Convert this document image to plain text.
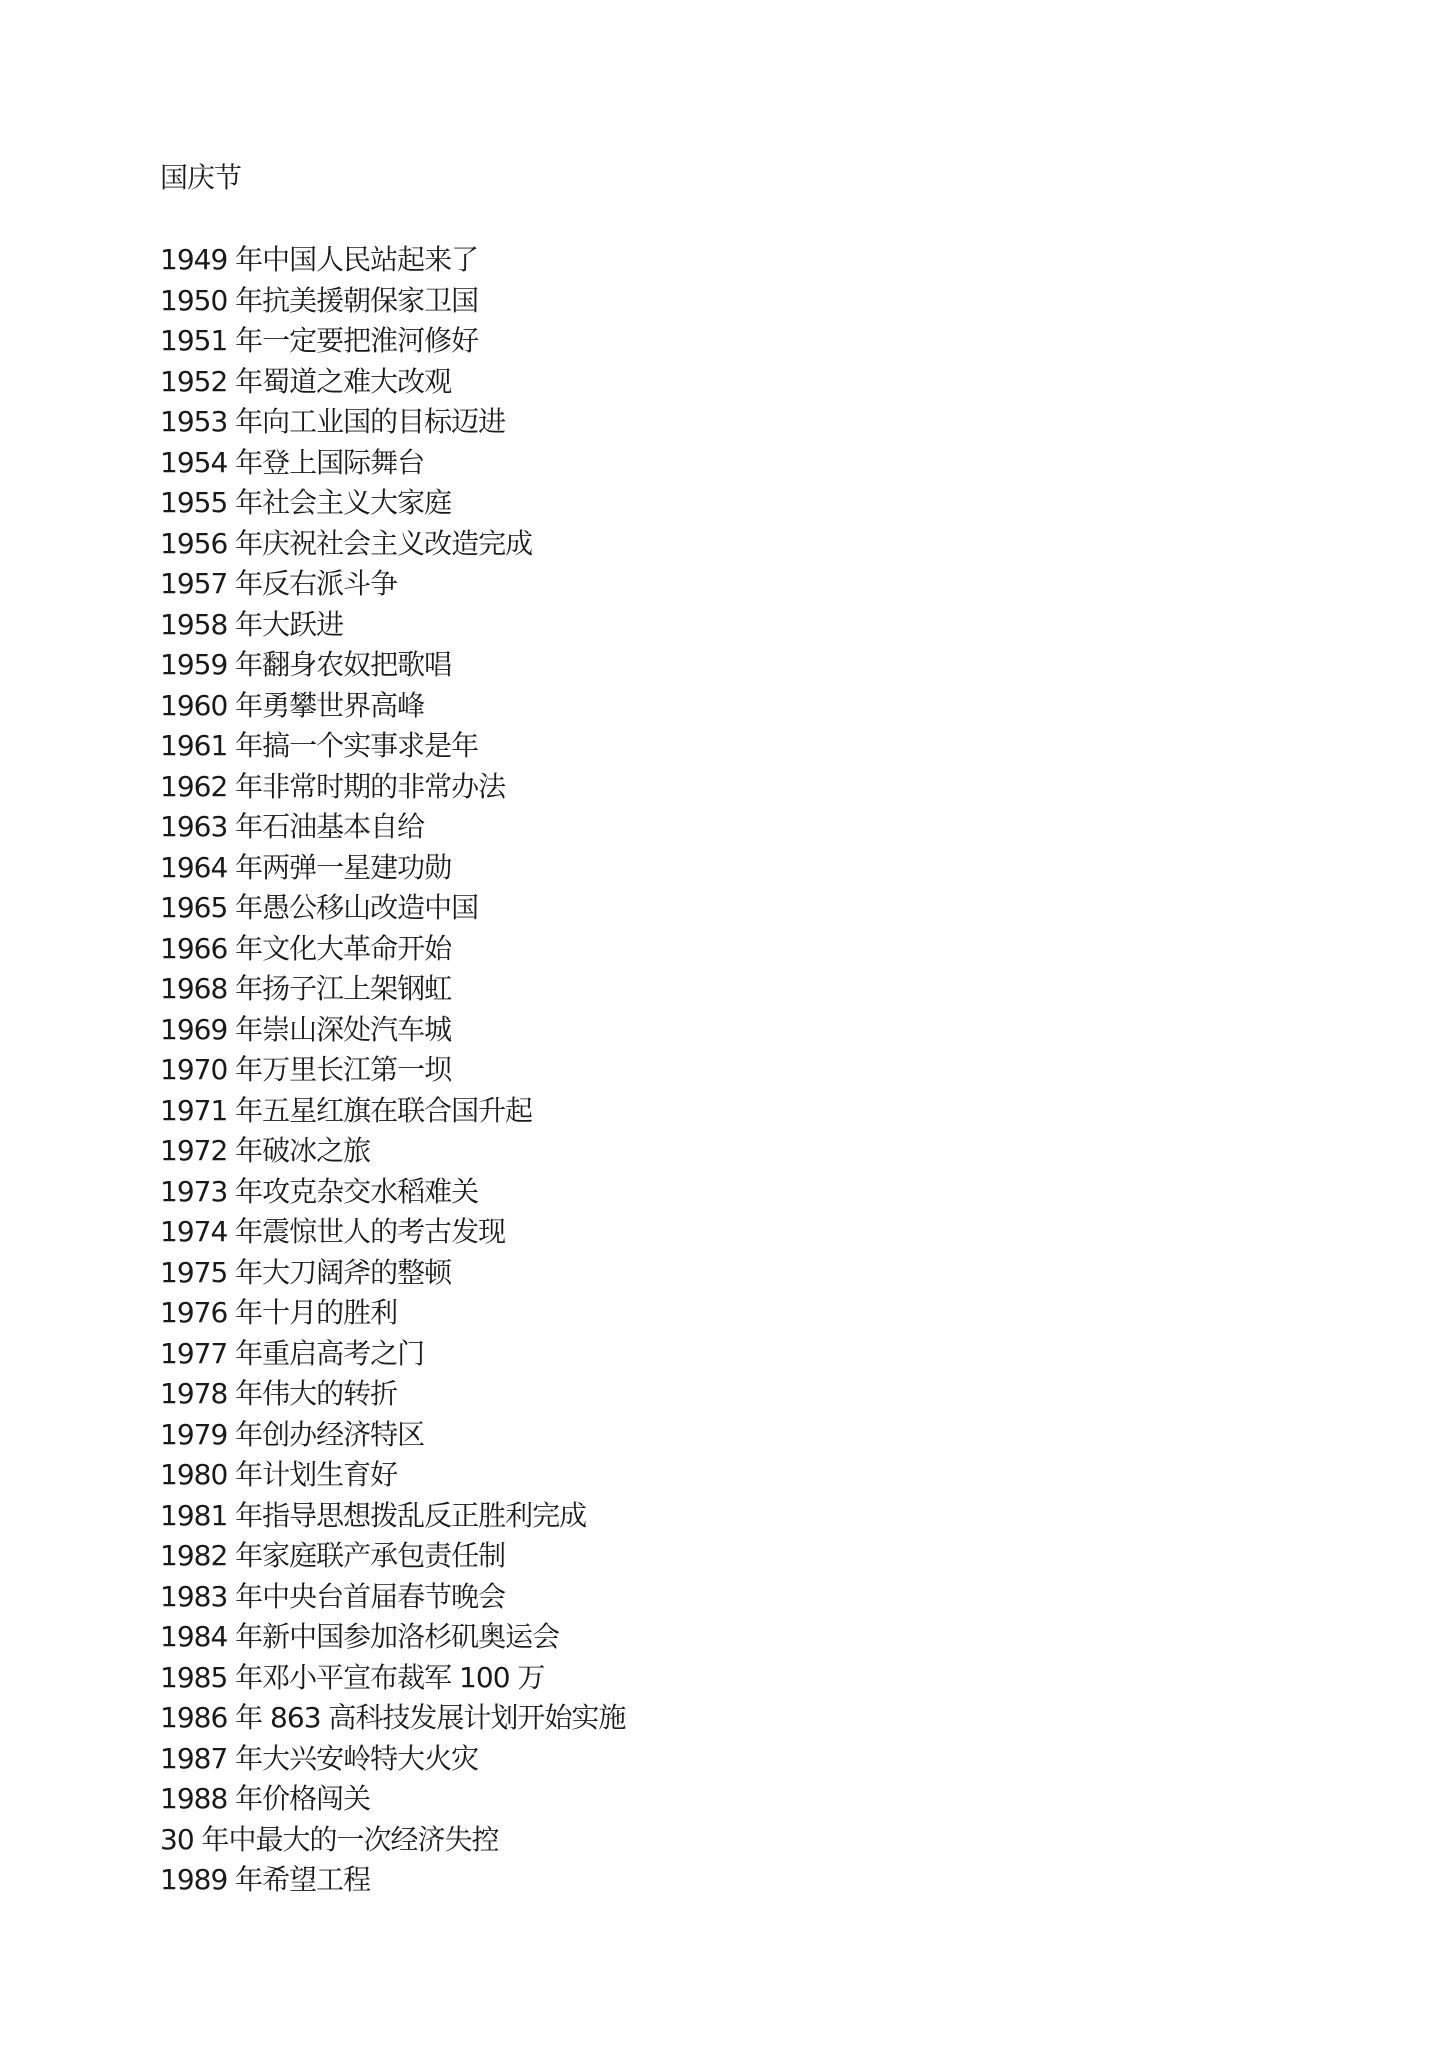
国庆节
1949 年中国人民站起来了
1950 年抗美援朝保家卫国
1951 年一定要把淮河修好
1952 年蜀道之难大改观
1953 年向工业国的目标迈进
1954 年登上国际舞台
1955 年社会主义大家庭
1956 年庆祝社会主义改造完成
1957 年反右派斗争
1958 年大跃进
1959 年翻身农奴把歌唱
1960 年勇攀世界高峰
1961 年搞一个实事求是年
1962 年非常时期的非常办法
1963 年石油基本自给
1964 年两弹一星建功勋
1965 年愚公移山改造中国
1966 年文化大革命开始
1968 年扬子江上架钢虹
1969 年崇山深处汽车城
1970 年万里长江第一坝
1971 年五星红旗在联合国升起
1972 年破冰之旅
1973 年攻克杂交水稻难关
1974 年震惊世人的考古发现
1975 年大刀阔斧的整顿
1976 年十月的胜利
1977 年重启高考之门
1978 年伟大的转折
1979 年创办经济特区
1980 年计划生育好
1981 年指导思想拨乱反正胜利完成
1982 年家庭联产承包责任制
1983 年中央台首届春节晚会
1984 年新中国参加洛杉矶奥运会
1985 年邓小平宣布裁军 100 万
1986 年 863 高科技发展计划开始实施
1987 年大兴安岭特大火灾
1988 年价格闯关
30 年中最大的一次经济失控
1989 年希望工程
